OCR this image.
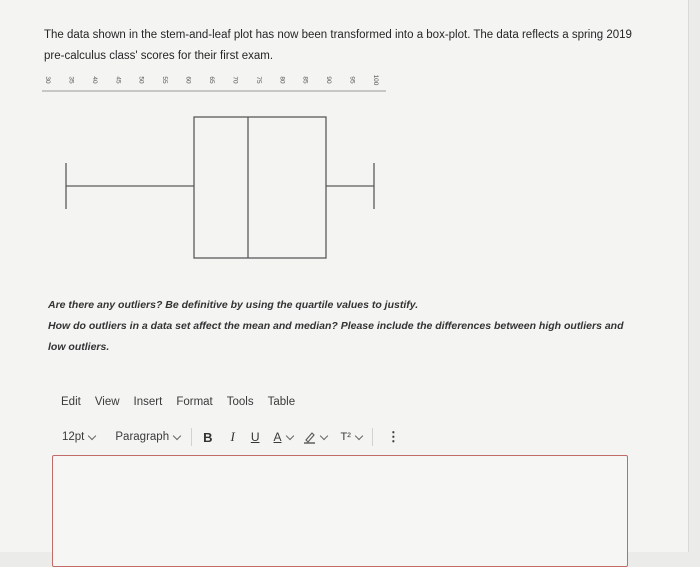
The data shown in the stem-and-leaf plot has now been transformed into a box-plot. The data reflects a spring 2019
pre-calculus class' scores for their first exam.
30	35	40	45	50	55	60	65	70	75	80	85	90	95	100

Are there any outliers? Be definitive by using the quartile values to justify.

How do outliers in a data set affect the mean and median? Please include the differences between high outliers and

low outliers.

Edit View Insert Format Tools Table
12pt	Paragraph	B I U A	T²	⋮
